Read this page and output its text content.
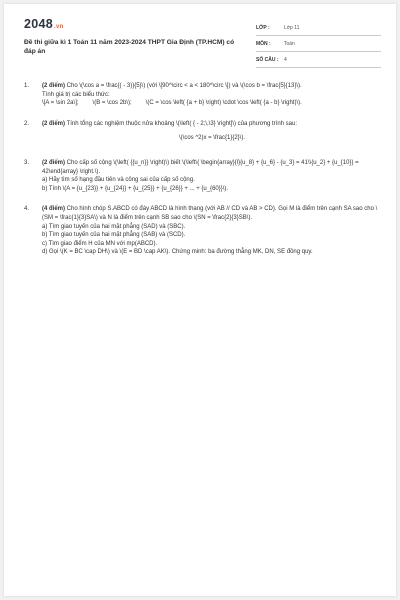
2048.vn
Đề thi giữa kì 1 Toán 11 năm 2023-2024 THPT Gia Định (TP.HCM) có đáp án
LỚP :	Lớp 11
MÔN :	Toán
SỐ CÂU :	4
1.	(2 điểm) Cho \(\cos a = \frac{( - 3)}{5}\) (với \[90^\circ < a < 180^\circ \]) và \(\cos b = \frac{5}{13}\).
Tính giá trị các biểu thức:
\[A = \sin 2a\]; \(B = \cos 2b\); \(C = \cos \left( {a + b} \right) \cdot \cos \left( {a - b} \right)\).
2.	(2 điểm) Tính tổng các nghiệm thuộc nửa khoảng \(\left( { - 2;\,\3} \right]\) của phương trình sau:
\(\cos ^2)x = \frac{1}{2}\).
3.	(2 điểm) Cho cấp số cộng \(\left( {{u_n}} \right)\) biết \(\left\{ \begin{array}{l}{u_8} + {u_6} - {u_3} = 41\\{u_2} + {u_{10}} = 42\end{array} \right.\).
a) Hãy tìm số hạng đầu tiên và công sai của cấp số cộng.
b) Tính \(A = {u_{23}} + {u_{24}} + {u_{25}} + {u_{26}} + ... + {u_{60}}\).
4.	(4 điểm) Cho hình chóp S.ABCD có đáy ABCD là hình thang (với AB // CD và AB > CD). Gọi M là điểm trên cạnh SA sao cho \(SM = \frac{1}{3}SA\) và N là điểm trên cạnh SB sao cho \(SN = \frac{2}{3}SB\).
a) Tìm giao tuyến của hai mặt phẳng (SAD) và (SBC).
b) Tìm giao tuyến của hai mặt phẳng (SAB) và (SCD).
c) Tìm giao điểm H của MN với mp(ABCD).
d) Gọi \(K = BC \cap DH\) và \(E = BD \cap AK\). Chứng minh: ba đường thẳng MK, DN, SE đồng quy.
